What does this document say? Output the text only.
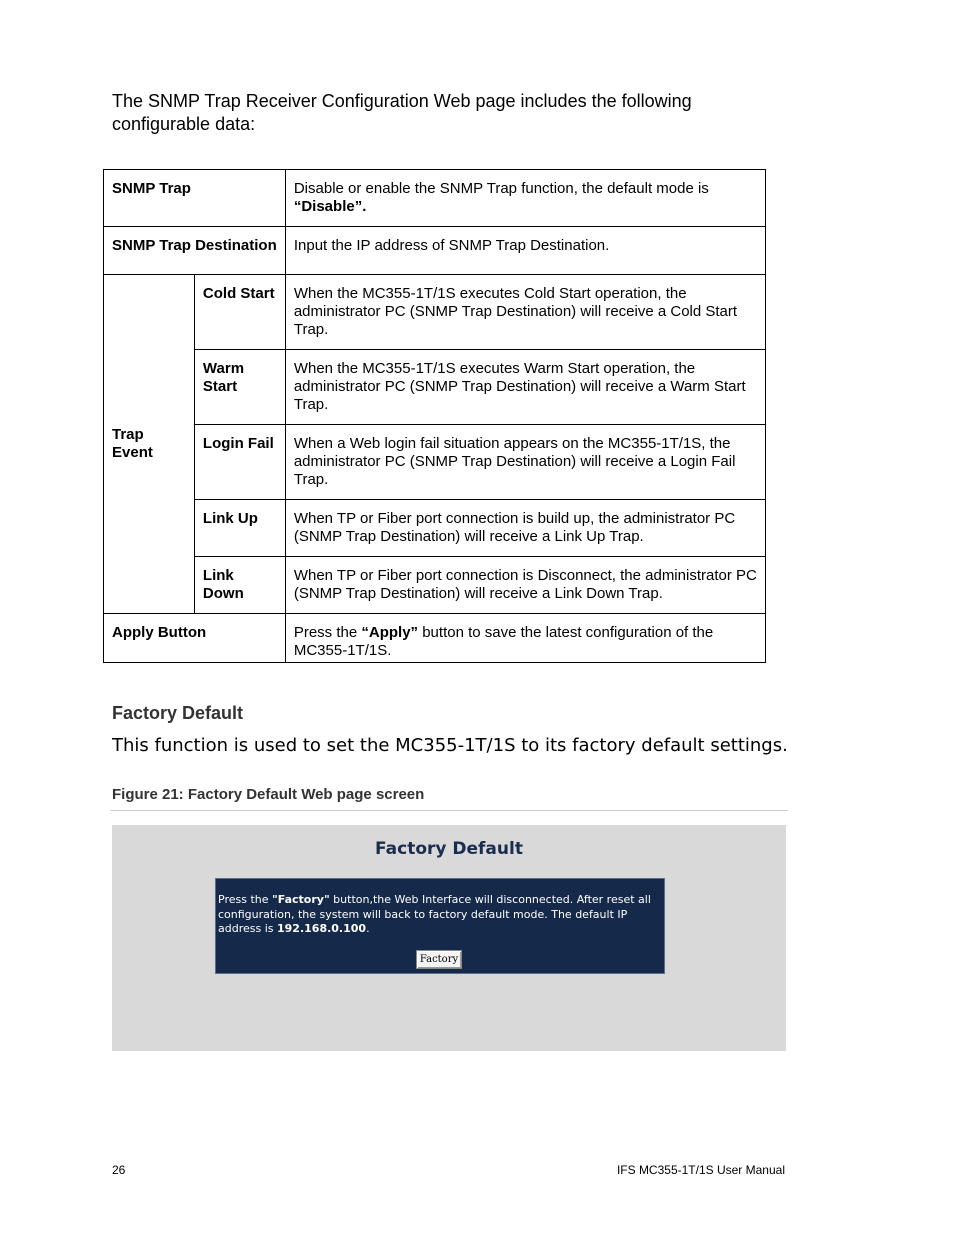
The SNMP Trap Receiver Configuration Web page includes the following configurable data:

SNMP Trap		Disable or enable the SNMP Trap function, the default mode is “Disable”.
SNMP Trap Destination		Input the IP address of SNMP Trap Destination.
Trap Event	Cold Start	When the MC355-1T/1S executes Cold Start operation, the administrator PC (SNMP Trap Destination) will receive a Cold Start Trap.
	Warm Start	When the MC355-1T/1S executes Warm Start operation, the administrator PC (SNMP Trap Destination) will receive a Warm Start Trap.
	Login Fail	When a Web login fail situation appears on the MC355-1T/1S, the administrator PC (SNMP Trap Destination) will receive a Login Fail Trap.
	Link Up	When TP or Fiber port connection is build up, the administrator PC (SNMP Trap Destination) will receive a Link Up Trap.
	Link Down	When TP or Fiber port connection is Disconnect, the administrator PC (SNMP Trap Destination) will receive a Link Down Trap.
Apply Button		Press the “Apply” button to save the latest configuration of the MC355-1T/1S.
Factory Default

This function is used to set the MC355-1T/1S to its factory default settings.

Figure 21: Factory Default Web page screen

Factory Default

Press the "Factory" button,the Web Interface will disconnected. After reset all configuration, the system will back to factory default mode. The default IP address is 192.168.0.100.

Factory
26	IFS MC355-1T/1S User Manual
